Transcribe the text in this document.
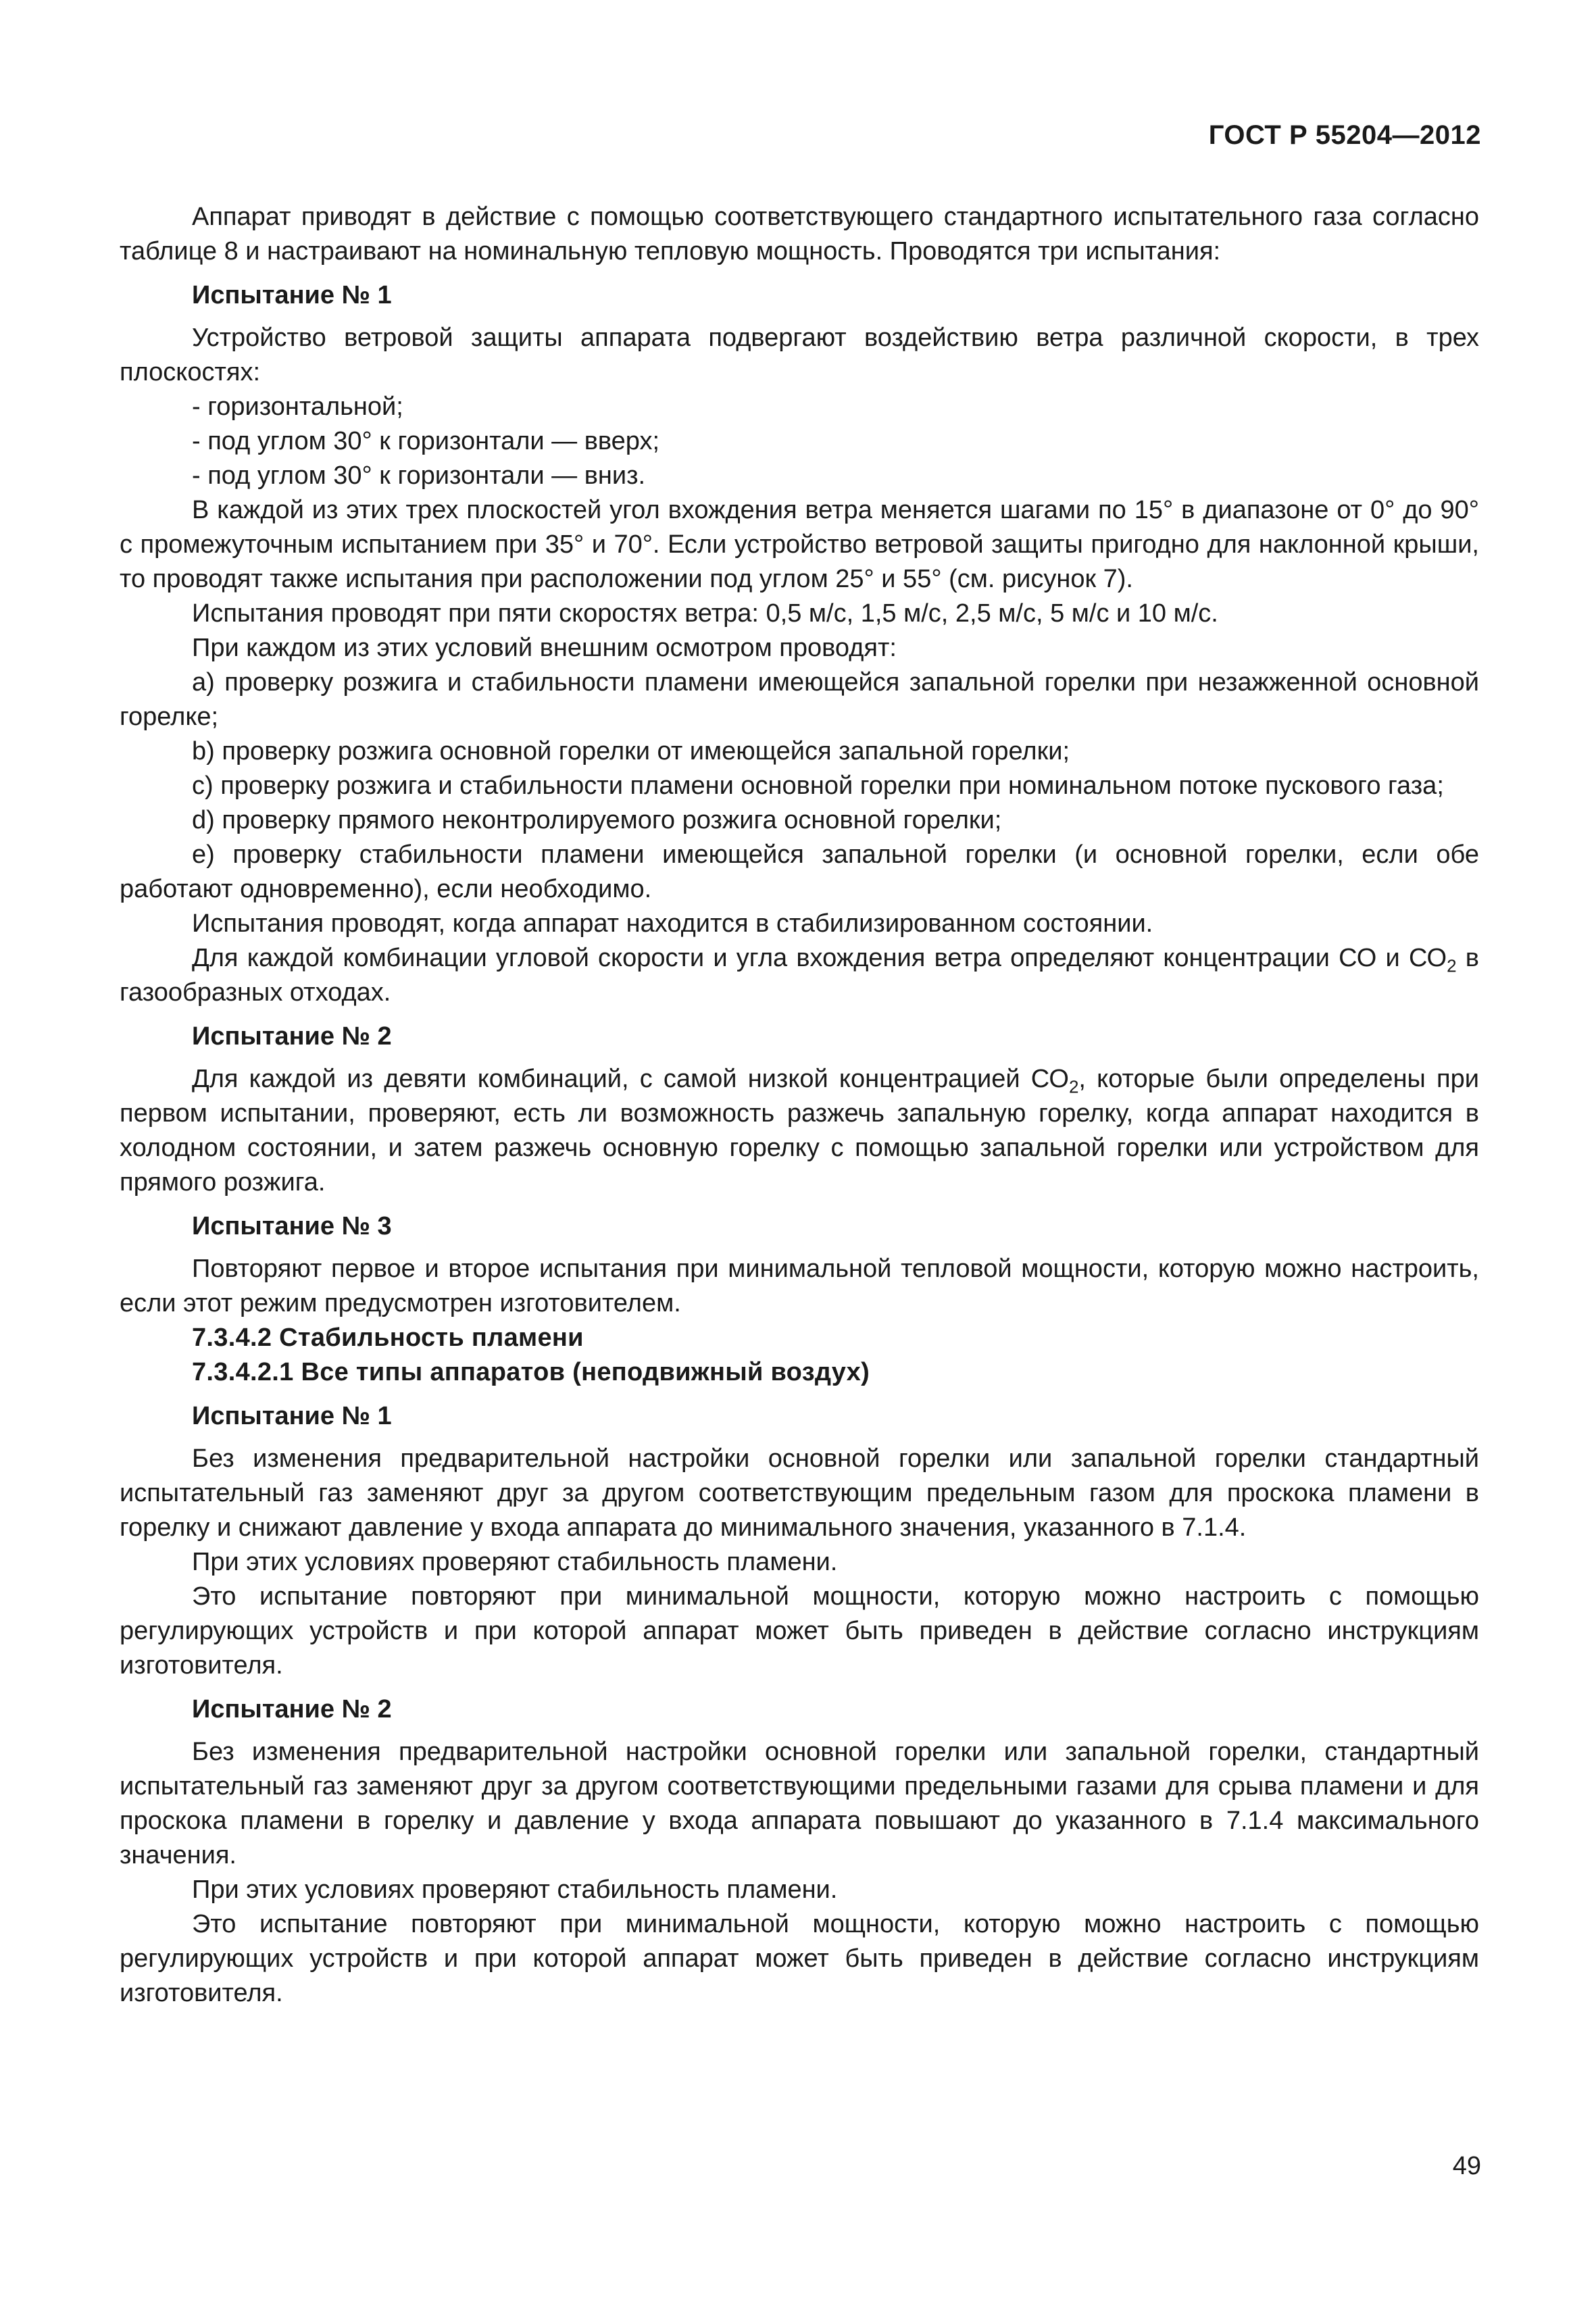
ГОСТ Р 55204—2012

Аппарат приводят в действие с помощью соответствующего стандартного испытательного газа согласно таблице 8 и настраивают на номинальную тепловую мощность. Проводятся три испытания:

Испытание № 1

Устройство ветровой защиты аппарата подвергают воздействию ветра различной скорости, в трех плоскостях:

- горизонтальной;

- под углом 30° к горизонтали — вверх;

- под углом 30° к горизонтали — вниз.

В каждой из этих трех плоскостей угол вхождения ветра меняется шагами по 15° в диапазоне от 0° до 90° с промежуточным испытанием при 35° и 70°. Если устройство ветровой защиты пригодно для наклонной крыши, то проводят также испытания при расположении под углом 25° и 55° (см. рисунок 7).

Испытания проводят при пяти скоростях ветра: 0,5 м/с, 1,5 м/с, 2,5 м/с, 5 м/с и 10 м/с.

При каждом из этих условий внешним осмотром проводят:

а) проверку розжига и стабильности пламени имеющейся запальной горелки при незажженной основной горелке;

b) проверку розжига основной горелки от имеющейся запальной горелки;

с) проверку розжига и стабильности пламени основной горелки при номинальном потоке пускового газа;

d) проверку прямого неконтролируемого розжига основной горелки;

е) проверку стабильности пламени имеющейся запальной горелки (и основной горелки, если обе работают одновременно), если необходимо.

Испытания проводят, когда аппарат находится в стабилизированном состоянии.

Для каждой комбинации угловой скорости и угла вхождения ветра определяют концентрации СО и $СО_2$ в газообразных отходах.

Испытание № 2

Для каждой из девяти комбинаций, с самой низкой концентрацией $СО_2$, которые были определены при первом испытании, проверяют, есть ли возможность разжечь запальную горелку, когда аппарат находится в холодном состоянии, и затем разжечь основную горелку с помощью запальной горелки или устройством для прямого розжига.

Испытание № 3

Повторяют первое и второе испытания при минимальной тепловой мощности, которую можно настроить, если этот режим предусмотрен изготовителем.

7.3.4.2 Стабильность пламени

7.3.4.2.1 Все типы аппаратов (неподвижный воздух)

Испытание № 1

Без изменения предварительной настройки основной горелки или запальной горелки стандартный испытательный газ заменяют друг за другом соответствующим предельным газом для проскока пламени в горелку и снижают давление у входа аппарата до минимального значения, указанного в 7.1.4.

При этих условиях проверяют стабильность пламени.

Это испытание повторяют при минимальной мощности, которую можно настроить с помощью регулирующих устройств и при которой аппарат может быть приведен в действие согласно инструкциям изготовителя.

Испытание № 2

Без изменения предварительной настройки основной горелки или запальной горелки, стандартный испытательный газ заменяют друг за другом соответствующими предельными газами для срыва пламени и для проскока пламени в горелку и давление у входа аппарата повышают до указанного в 7.1.4 максимального значения.

При этих условиях проверяют стабильность пламени.

Это испытание повторяют при минимальной мощности, которую можно настроить с помощью регулирующих устройств и при которой аппарат может быть приведен в действие согласно инструкциям изготовителя.

49
